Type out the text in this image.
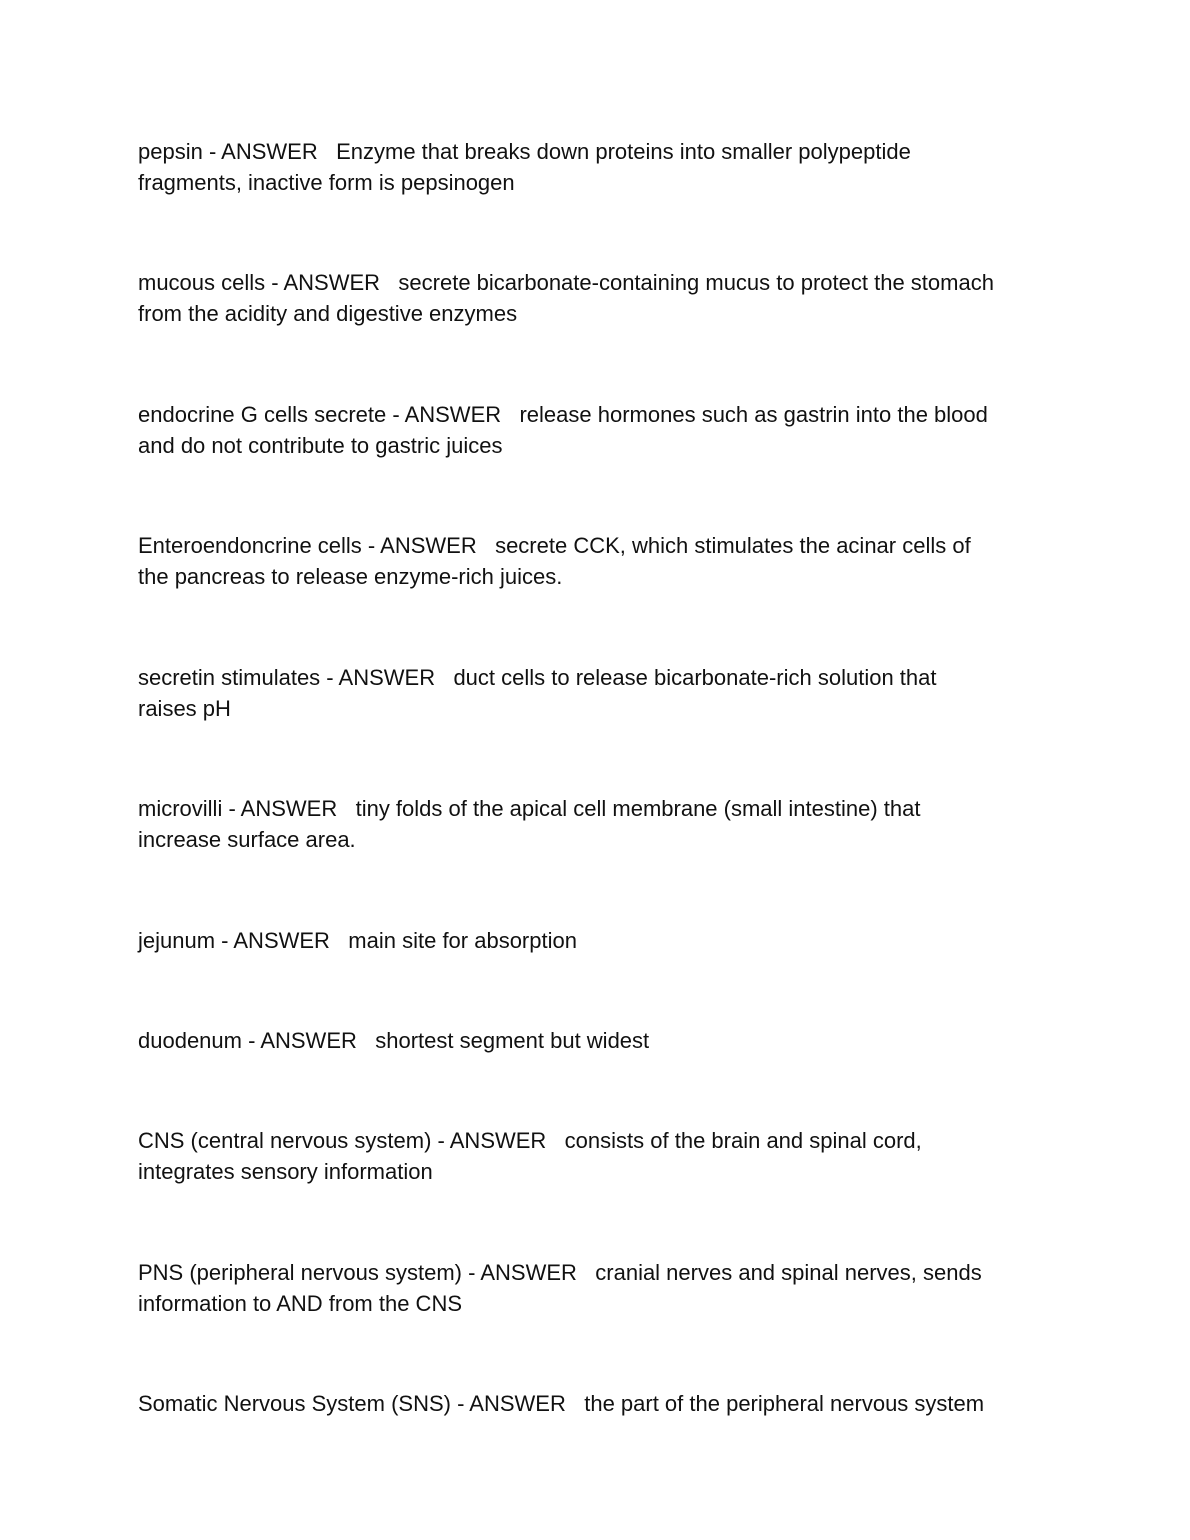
pepsin - ANSWER   Enzyme that breaks down proteins into smaller polypeptide
fragments, inactive form is pepsinogen

mucous cells - ANSWER   secrete bicarbonate-containing mucus to protect the stomach
from the acidity and digestive enzymes

endocrine G cells secrete - ANSWER   release hormones such as gastrin into the blood
and do not contribute to gastric juices

Enteroendoncrine cells - ANSWER   secrete CCK, which stimulates the acinar cells of
the pancreas to release enzyme-rich juices.

secretin stimulates - ANSWER   duct cells to release bicarbonate-rich solution that
raises pH

microvilli - ANSWER   tiny folds of the apical cell membrane (small intestine) that
increase surface area.

jejunum - ANSWER   main site for absorption

duodenum - ANSWER   shortest segment but widest

CNS (central nervous system) - ANSWER   consists of the brain and spinal cord,
integrates sensory information

PNS (peripheral nervous system) - ANSWER   cranial nerves and spinal nerves, sends
information to AND from the CNS

Somatic Nervous System (SNS) - ANSWER   the part of the peripheral nervous system
